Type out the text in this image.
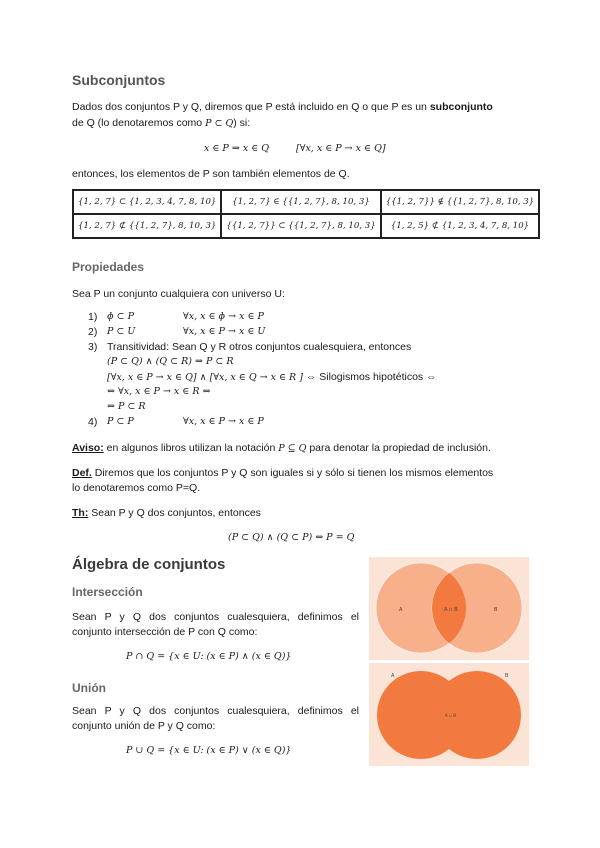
Subconjuntos
Dados dos conjuntos P y Q, diremos que P está incluido en Q o que P es un subconjunto
de Q (lo denotaremos como P ⊂ Q) si:
x ∈ P ⇒ x ∈ Q	[∀x, x ∈ P → x ∈ Q]
entonces, los elementos de P son también elementos de Q.
{1, 2, 7} ⊂ {1, 2, 3, 4, 7, 8, 10}	{1, 2, 7} ∈ {{1, 2, 7}, 8, 10, 3}	{{1, 2, 7}} ∉ {{1, 2, 7}, 8, 10, 3}
{1, 2, 7} ⊄ {{1, 2, 7}, 8, 10, 3}	{{1, 2, 7}} ⊂ {{1, 2, 7}, 8, 10, 3}	{1, 2, 5} ⊄ {1, 2, 3, 4, 7, 8, 10}
Propiedades
Sea P un conjunto cualquiera con universo U:
1) ɸ ⊂ P	∀x, x ∈ ɸ → x ∈ P
2) P ⊂ U	∀x, x ∈ P → x ∈ U
3) Transitividad: Sean Q y R otros conjuntos cualesquiera, entonces
(P ⊂ Q) ∧ (Q ⊂ R) ⇒ P ⊂ R
[∀x, x ∈ P → x ∈ Q] ∧ [∀x, x ∈ Q → x ∈ R ] ⇔ Silogismos hipotéticos ⇔
⇔ ∀x, x ∈ P → x ∈ R ⇔
⇔ P ⊂ R
4) P ⊂ P	∀x, x ∈ P → x ∈ P
Aviso: en algunos libros utilizan la notación P ⊆ Q para denotar la propiedad de inclusión.
Def. Diremos que los conjuntos P y Q son iguales si y sólo si tienen los mismos elementos
lo denotaremos como P=Q.
Th: Sean P y Q dos conjuntos, entonces
(P ⊂ Q) ∧ (Q ⊂ P) ⇔ P = Q
Álgebra de conjuntos
Intersección
Sean P y Q dos conjuntos cualesquiera, definimos el
conjunto intersección de P con Q como:
P ∩ Q = {x ∈ U: (x ∈ P) ∧ (x ∈ Q)}
Unión
Sean P y Q dos conjuntos cualesquiera, definimos el
conjunto unión de P y Q como:
P ∪ Q = {x ∈ U: (x ∈ P) ∨ (x ∈ Q)}
A	A ∩ B	B
A	B
A ∪ B
